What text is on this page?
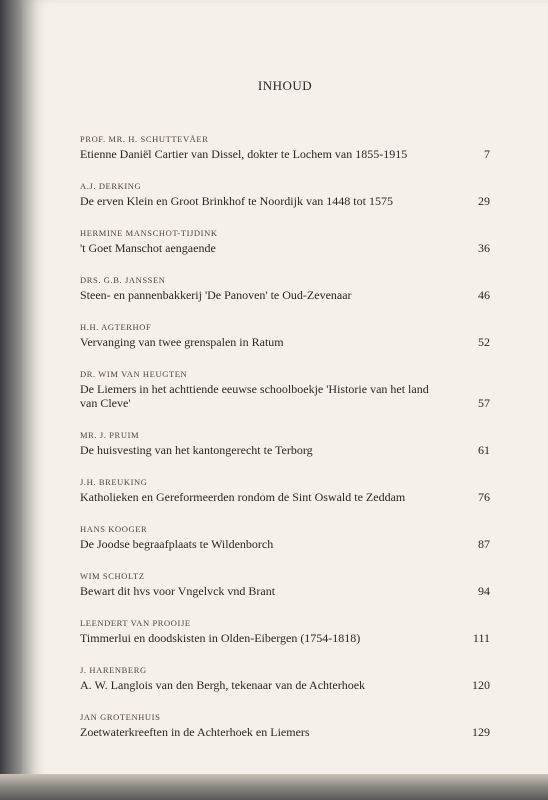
INHOUD
PROF. MR. H. SCHUTTEVÅER
Etienne Daniël Cartier van Dissel, dokter te Lochem van 1855-1915	7
A.J. DERKING
De erven Klein en Groot Brinkhof te Noordijk van 1448 tot 1575	29
HERMINE MANSCHOT-TIJDINK
't Goet Manschot aengaende	36
DRS. G.B. JANSSEN
Steen- en pannenbakkerij 'De Panoven' te Oud-Zevenaar	46
H.H. AGTERHOF
Vervanging van twee grenspalen in Ratum	52
DR. WIM VAN HEUGTEN
De Liemers in het achttiende eeuwse schoolboekje 'Historie van het land van Cleve'	57
MR. J. PRUIM
De huisvesting van het kantongerecht te Terborg	61
J.H. BREUKING
Katholieken en Gereformeerden rondom de Sint Oswald te Zeddam	76
HANS KOOGER
De Joodse begraafplaats te Wildenborch	87
WIM SCHOLTZ
Bewart dit hvs voor Vngelvck vnd Brant	94
LEENDERT VAN PROOIJE
Timmerlui en doodskisten in Olden-Eibergen (1754-1818)	111
J. HARENBERG
A. W. Langlois van den Bergh, tekenaar van de Achterhoek	120
JAN GROTENHUIS
Zoetwaterkreeften in de Achterhoek en Liemers	129
